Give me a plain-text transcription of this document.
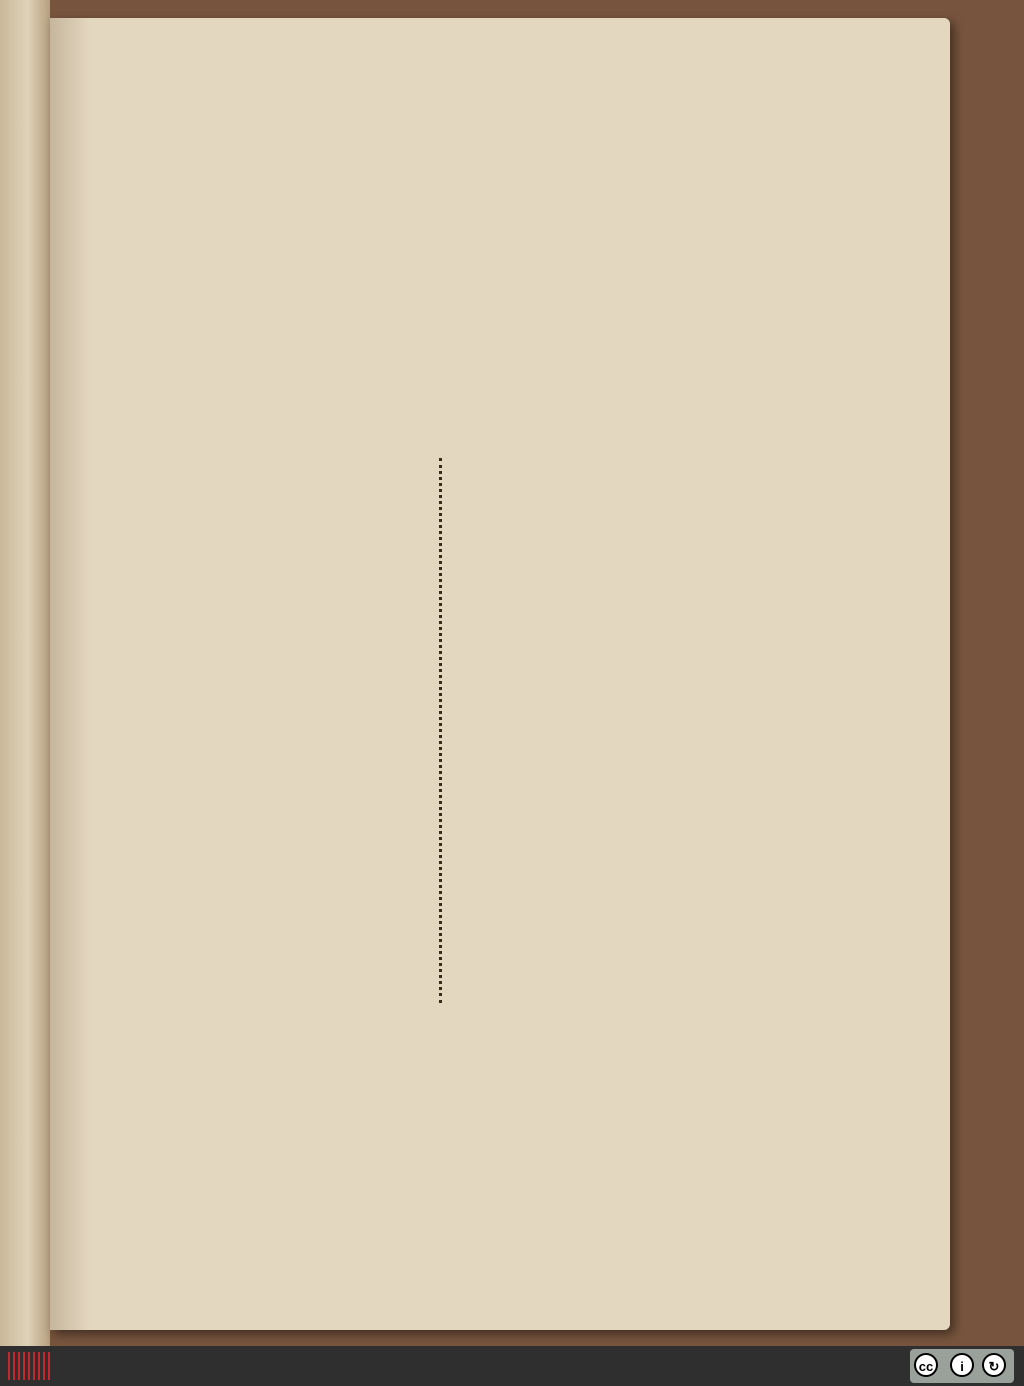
cc	i	↻
